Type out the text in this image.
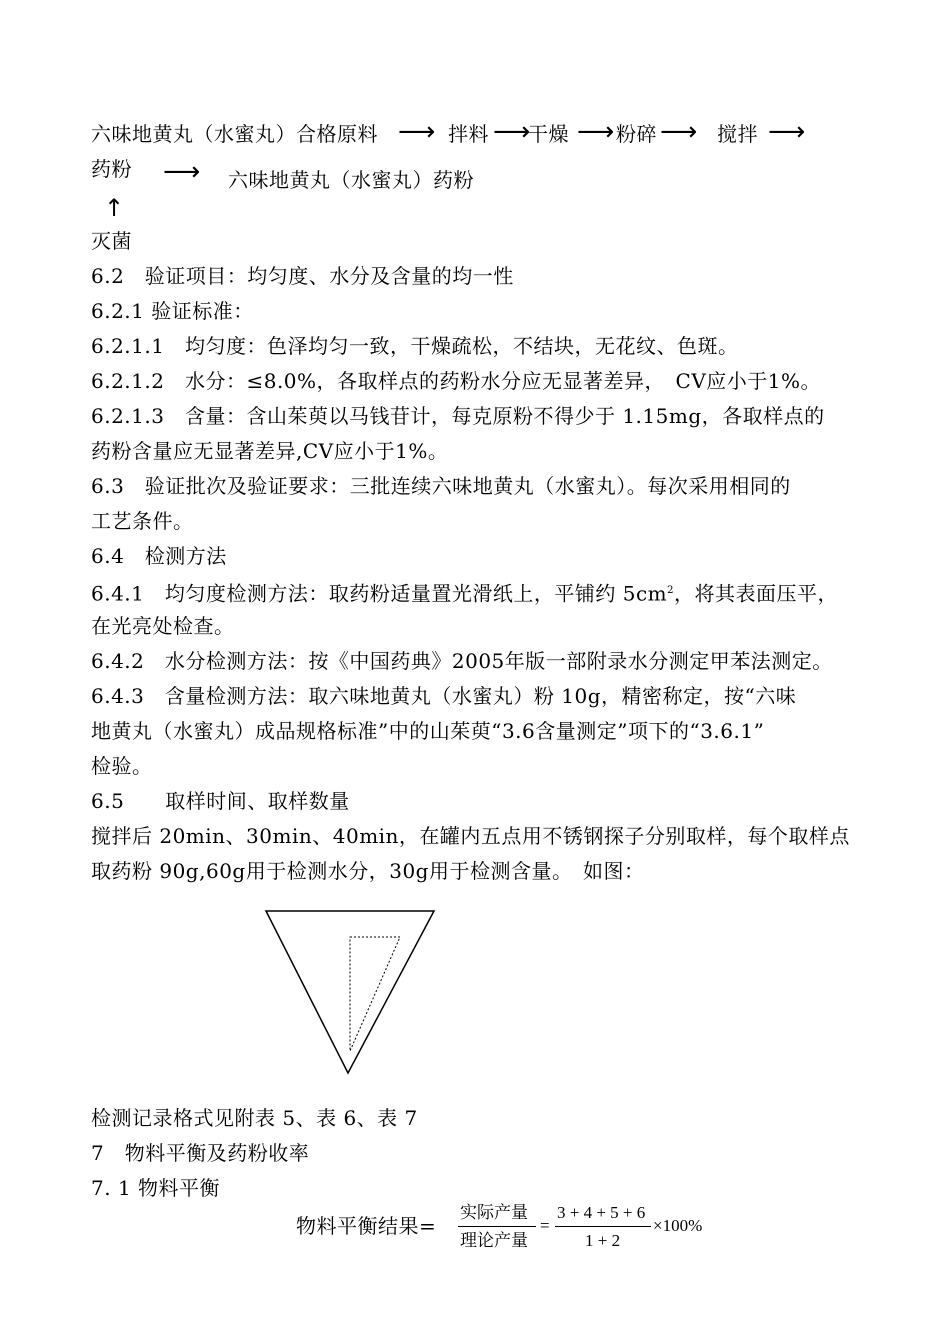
六味地黄丸（水蜜丸）合格原料 ⟶ 拌料 ⟶
干燥 ⟶ 粉碎 ⟶ 搅拌 ⟶
药粉 ⟶ 六味地黄丸（水蜜丸）药粉
↑
灭菌
6.2　验证项目：均匀度、水分及含量的均一性
6.2.1 验证标准：
6.2.1.1　均匀度：色泽均匀一致，干燥疏松，不结块，无花纹、色斑。
6.2.1.2　水分：≤8.0%，各取样点的药粉水分应无显著差异，　CV应小于1%。
6.2.1.3　含量：含山茱萸以马钱苷计，每克原粉不得少于 1.15mg，各取样点的
药粉含量应无显著差异,CV应小于1%。
6.3　验证批次及验证要求：三批连续六味地黄丸（水蜜丸）。每次采用相同的
工艺条件。
6.4　检测方法
6.4.1　均匀度检测方法：取药粉适量置光滑纸上，平铺约 $5cm^2$，将其表面压平，
在光亮处检查。
6.4.2　水分检测方法：按《中国药典》2005年版一部附录水分测定甲苯法测定。
6.4.3　含量检测方法：取六味地黄丸（水蜜丸）粉 10g，精密称定，按“六味
地黄丸（水蜜丸）成品规格标准”中的山茱萸“3.6含量测定”项下的“3.6.1”
检验。
6.5　　取样时间、取样数量
搅拌后 20min、30min、40min，在罐内五点用不锈钢探子分别取样，每个取样点
取药粉 90g,60g用于检测水分，30g用于检测含量。　如图：
检测记录格式见附表 5、表 6、表 7
7　物料平衡及药粉收率
7. 1 物料平衡
物料平衡结果=
实际产量
理论产量
=
3 + 4 + 5 + 6
1 + 2
×100%
